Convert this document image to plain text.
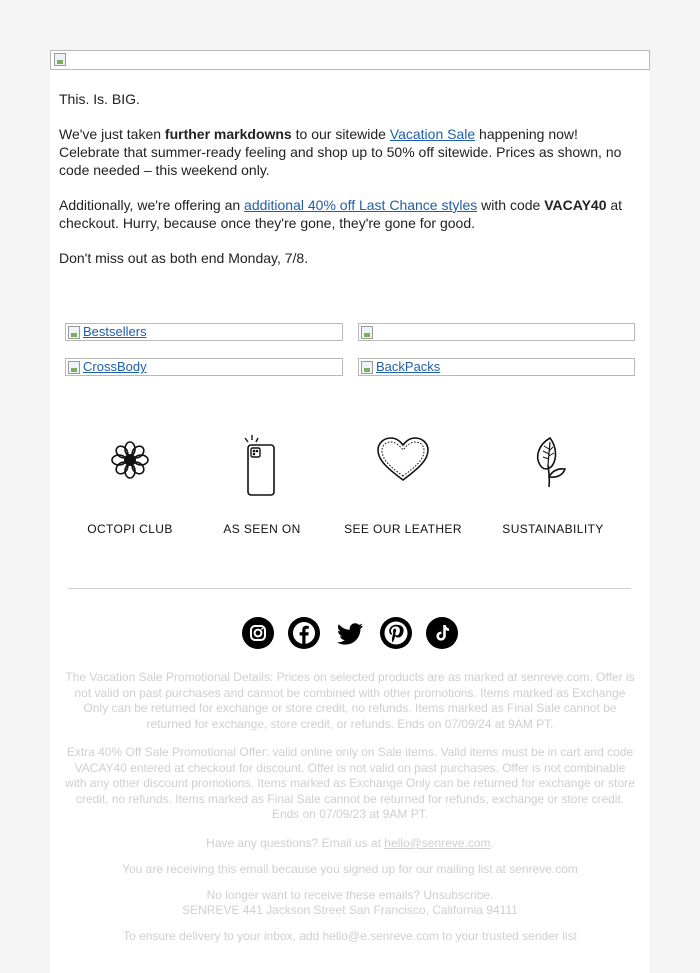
This. Is. BIG.

We've just taken further markdowns to our sitewide Vacation Sale happening now! Celebrate that summer-ready feeling and shop up to 50% off sitewide. Prices as shown, no code needed – this weekend only.

Additionally, we're offering an additional 40% off Last Chance styles with code VACAY40 at checkout. Hurry, because once they're gone, they're gone for good.

Don't miss out as both end Monday, 7/8.

Bestsellers
CrossBody	BackPacks
OCTOPI CLUB	AS SEEN ON	SEE OUR LEATHER	SUSTAINABILITY
The Vacation Sale Promotional Details: Prices on selected products are as marked at senreve.com. Offer is not valid on past purchases and cannot be combined with other promotions. Items marked as Exchange Only can be returned for exchange or store credit, no refunds. Items marked as Final Sale cannot be returned for exchange, store credit, or refunds. Ends on 07/09/24 at 9AM PT.
Extra 40% Off Sale Promotional Offer: valid online only on Sale items. Valid items must be in cart and code VACAY40 entered at checkout for discount. Offer is not valid on past purchases. Offer is not combinable with any other discount promotions. Items marked as Exchange Only can be returned for exchange or store credit, no refunds. Items marked as Final Sale cannot be returned for refunds, exchange or store credit. Ends on 07/09/23 at 9AM PT.
Have any questions? Email us at hello@senreve.com.
You are receiving this email because you signed up for our mailing list at senreve.com
No longer want to receive these emails? Unsubscribe.
SENREVE 441 Jackson Street San Francisco, California 94111
To ensure delivery to your inbox, add hello@e.senreve.com to your trusted sender list
